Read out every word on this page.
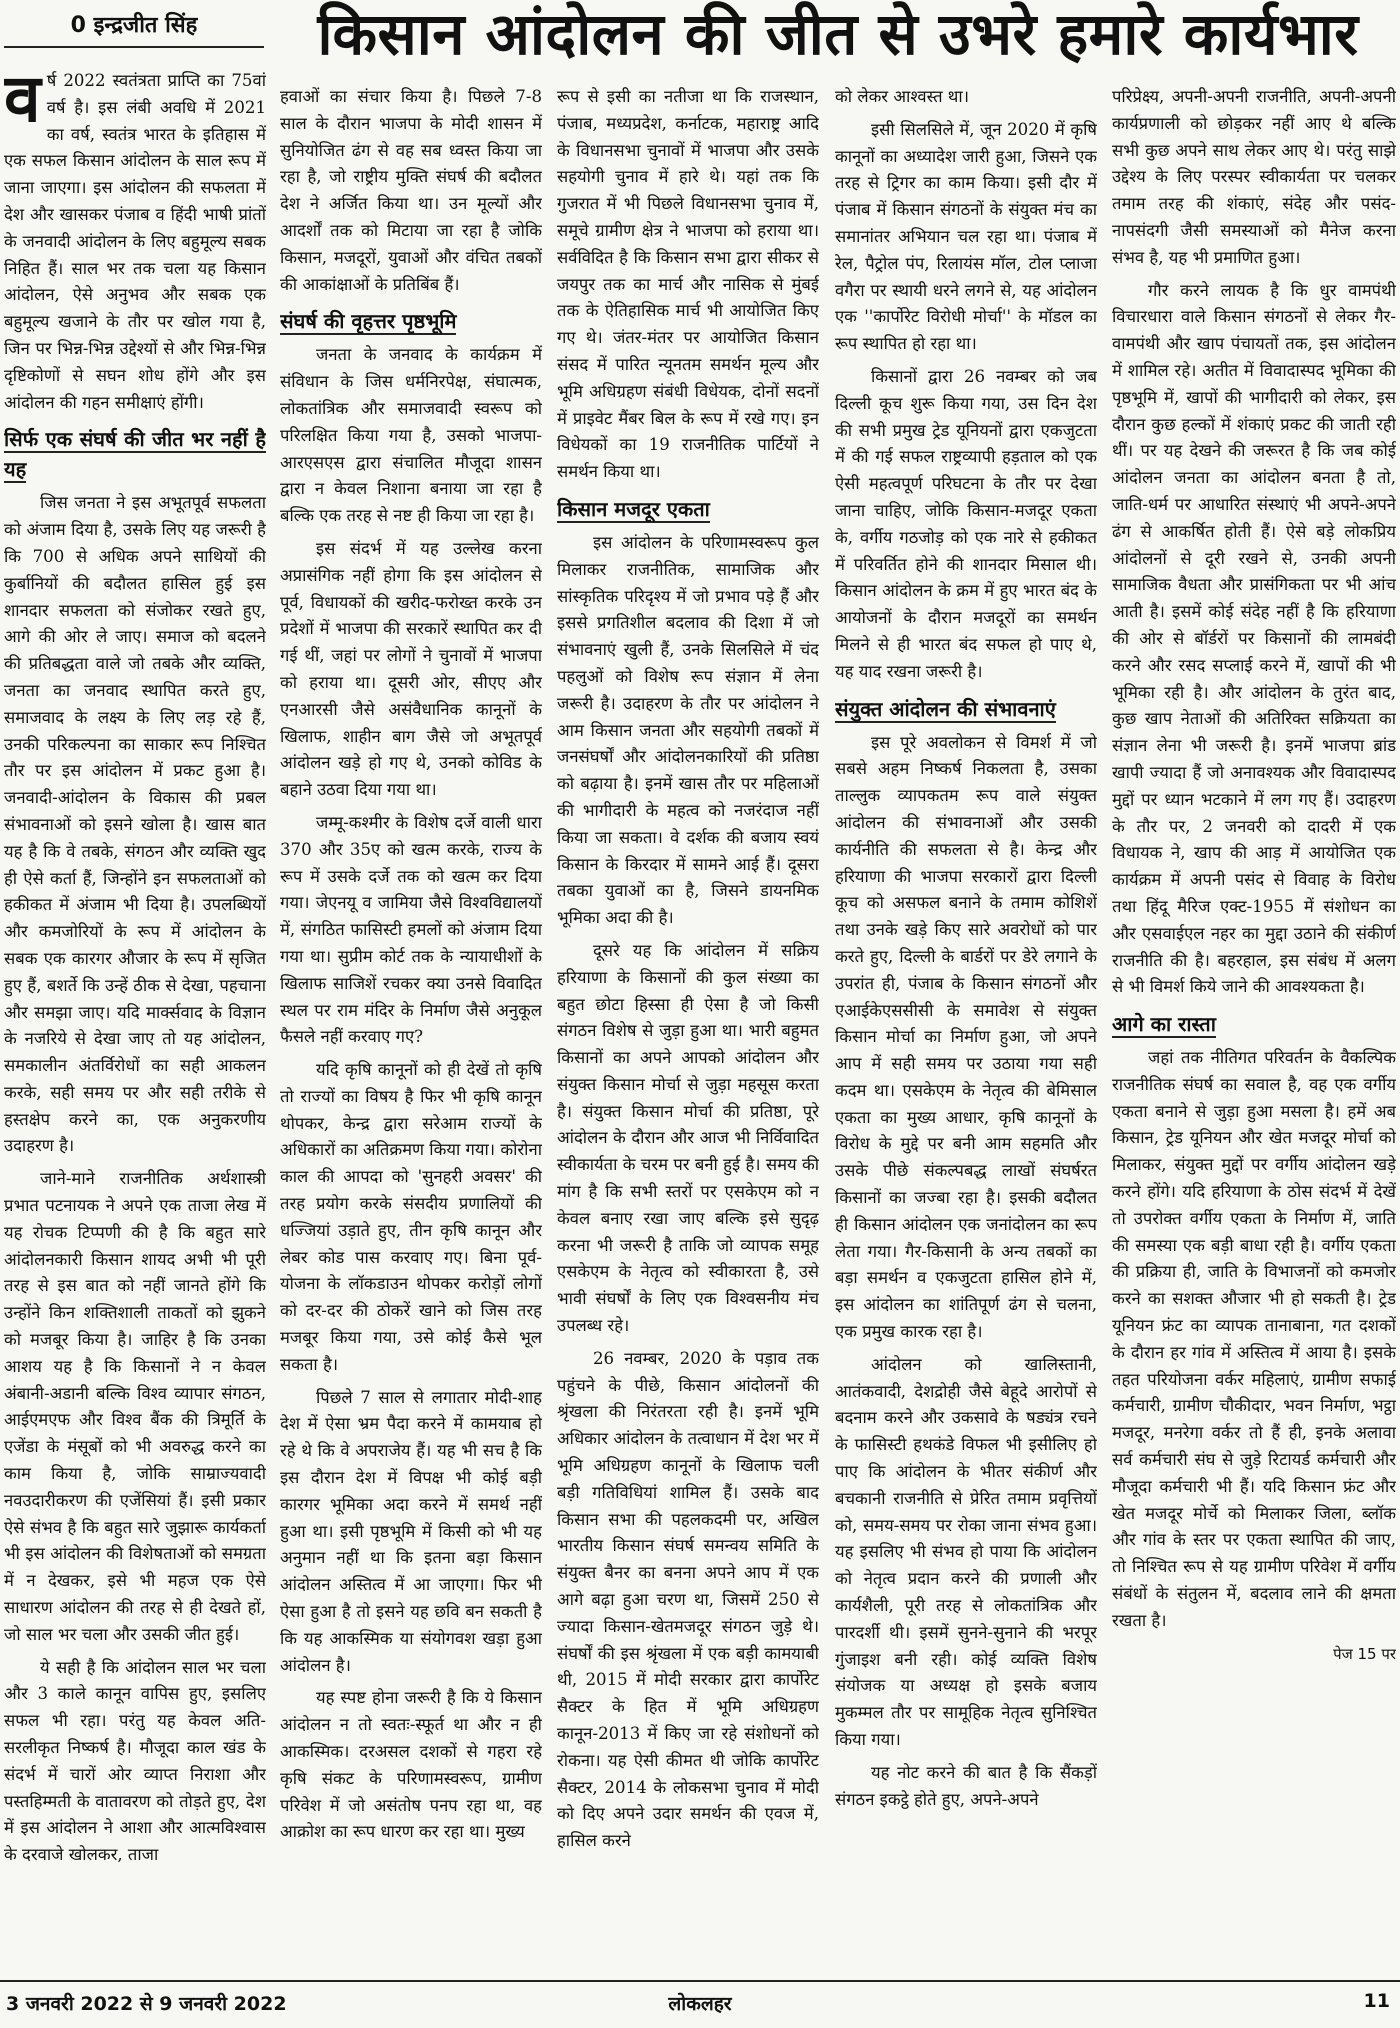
0 इन्द्रजीत सिंह	किसान आंदोलन की जीत से उभरे हमारे कार्यभार

वर्ष 2022 स्वतंत्रता प्राप्ति का 75वां वर्ष है। इस लंबी अवधि में 2021 का वर्ष, स्वतंत्र भारत के इतिहास में एक सफल किसान आंदोलन के साल रूप में जाना जाएगा। इस आंदोलन की सफलता में देश और खासकर पंजाब व हिंदी भाषी प्रांतों के जनवादी आंदोलन के लिए बहुमूल्य सबक निहित हैं। साल भर तक चला यह किसान आंदोलन, ऐसे अनुभव और सबक एक बहुमूल्य खजाने के तौर पर खोल गया है, जिन पर भिन्न-भिन्न उद्देश्यों से और भिन्न-भिन्न दृष्टिकोणों से सघन शोध होंगे और इस आंदोलन की गहन समीक्षाएं होंगी।

सिर्फ एक संघर्ष की जीत भर नहीं है यह

जिस जनता ने इस अभूतपूर्व सफलता को अंजाम दिया है, उसके लिए यह जरूरी है कि 700 से अधिक अपने साथियों की कुर्बानियों की बदौलत हासिल हुई इस शानदार सफलता को संजोकर रखते हुए, आगे की ओर ले जाए। समाज को बदलने की प्रतिबद्धता वाले जो तबके और व्यक्ति, जनता का जनवाद स्थापित करते हुए, समाजवाद के लक्ष्य के लिए लड़ रहे हैं, उनकी परिकल्पना का साकार रूप निश्चित तौर पर इस आंदोलन में प्रकट हुआ है। जनवादी-आंदोलन के विकास की प्रबल संभावनाओं को इसने खोला है। खास बात यह है कि वे तबके, संगठन और व्यक्ति खुद ही ऐसे कर्ता हैं, जिन्होंने इन सफलताओं को हकीकत में अंजाम भी दिया है। उपलब्धियों और कमजोरियों के रूप में आंदोलन के सबक एक कारगर औजार के रूप में सृजित हुए हैं, बशर्ते कि उन्हें ठीक से देखा, पहचाना और समझा जाए। यदि मार्क्सवाद के विज्ञान के नजरिये से देखा जाए तो यह आंदोलन, समकालीन अंतर्विरोधों का सही आकलन करके, सही समय पर और सही तरीके से हस्तक्षेप करने का, एक अनुकरणीय उदाहरण है।

जाने-माने राजनीतिक अर्थशास्त्री प्रभात पटनायक ने अपने एक ताजा लेख में यह रोचक टिप्पणी की है कि बहुत सारे आंदोलनकारी किसान शायद अभी भी पूरी तरह से इस बात को नहीं जानते होंगे कि उन्होंने किन शक्तिशाली ताकतों को झुकने को मजबूर किया है। जाहिर है कि उनका आशय यह है कि किसानों ने न केवल अंबानी-अडानी बल्कि विश्व व्यापार संगठन, आईएमएफ और विश्व बैंक की त्रिमूर्ति के एजेंडा के मंसूबों को भी अवरुद्ध करने का काम किया है, जोकि साम्राज्यवादी नवउदारीकरण की एजेंसियां हैं। इसी प्रकार ऐसे संभव है कि बहुत सारे जुझारू कार्यकर्ता भी इस आंदोलन की विशेषताओं को समग्रता में न देखकर, इसे भी महज एक ऐसे साधारण आंदोलन की तरह से ही देखते हों, जो साल भर चला और उसकी जीत हुई।

ये सही है कि आंदोलन साल भर चला और 3 काले कानून वापिस हुए, इसलिए सफल भी रहा। परंतु यह केवल अति-सरलीकृत निष्कर्ष है। मौजूदा काल खंड के संदर्भ में चारों ओर व्याप्त निराशा और पस्तहिम्मती के वातावरण को तोड़ते हुए, देश में इस आंदोलन ने आशा और आत्मविश्वास के दरवाजे खोलकर, ताजा

हवाओं का संचार किया है। पिछले 7-8 साल के दौरान भाजपा के मोदी शासन में सुनियोजित ढंग से वह सब ध्वस्त किया जा रहा है, जो राष्ट्रीय मुक्ति संघर्ष की बदौलत देश ने अर्जित किया था। उन मूल्यों और आदर्शों तक को मिटाया जा रहा है जोकि किसान, मजदूरों, युवाओं और वंचित तबकों की आकांक्षाओं के प्रतिबिंब हैं।

संघर्ष की वृहत्तर पृष्ठभूमि

जनता के जनवाद के कार्यक्रम में संविधान के जिस धर्मनिरपेक्ष, संघात्मक, लोकतांत्रिक और समाजवादी स्वरूप को परिलक्षित किया गया है, उसको भाजपा-आरएसएस द्वारा संचालित मौजूदा शासन द्वारा न केवल निशाना बनाया जा रहा है बल्कि एक तरह से नष्ट ही किया जा रहा है।

इस संदर्भ में यह उल्लेख करना अप्रासंगिक नहीं होगा कि इस आंदोलन से पूर्व, विधायकों की खरीद-फरोख्त करके उन प्रदेशों में भाजपा की सरकारें स्थापित कर दी गई थीं, जहां पर लोगों ने चुनावों में भाजपा को हराया था। दूसरी ओर, सीएए और एनआरसी जैसे असंवैधानिक कानूनों के खिलाफ, शाहीन बाग जैसे जो अभूतपूर्व आंदोलन खड़े हो गए थे, उनको कोविड के बहाने उठवा दिया गया था।

जम्मू-कश्मीर के विशेष दर्जे वाली धारा 370 और 35ए को खत्म करके, राज्य के रूप में उसके दर्जे तक को खत्म कर दिया गया। जेएनयू व जामिया जैसे विश्वविद्यालयों में, संगठित फासिस्टी हमलों को अंजाम दिया गया था। सुप्रीम कोर्ट तक के न्यायाधीशों के खिलाफ साजिशें रचकर क्या उनसे विवादित स्थल पर राम मंदिर के निर्माण जैसे अनुकूल फैसले नहीं करवाए गए?

यदि कृषि कानूनों को ही देखें तो कृषि तो राज्यों का विषय है फिर भी कृषि कानून थोपकर, केन्द्र द्वारा सरेआम राज्यों के अधिकारों का अतिक्रमण किया गया। कोरोना काल की आपदा को 'सुनहरी अवसर' की तरह प्रयोग करके संसदीय प्रणालियों की धज्जियां उड़ाते हुए, तीन कृषि कानून और लेबर कोड पास करवाए गए। बिना पूर्व-योजना के लॉकडाउन थोपकर करोड़ों लोगों को दर-दर की ठोकरें खाने को जिस तरह मजबूर किया गया, उसे कोई कैसे भूल सकता है।

पिछले 7 साल से लगातार मोदी-शाह देश में ऐसा भ्रम पैदा करने में कामयाब हो रहे थे कि वे अपराजेय हैं। यह भी सच है कि इस दौरान देश में विपक्ष भी कोई बड़ी कारगर भूमिका अदा करने में समर्थ नहीं हुआ था। इसी पृष्ठभूमि में किसी को भी यह अनुमान नहीं था कि इतना बड़ा किसान आंदोलन अस्तित्व में आ जाएगा। फिर भी ऐसा हुआ है तो इसने यह छवि बन सकती है कि यह आकस्मिक या संयोगवश खड़ा हुआ आंदोलन है।

यह स्पष्ट होना जरूरी है कि ये किसान आंदोलन न तो स्वतः-स्फूर्त था और न ही आकस्मिक। दरअसल दशकों से गहरा रहे कृषि संकट के परिणामस्वरूप, ग्रामीण परिवेश में जो असंतोष पनप रहा था, वह आक्रोश का रूप धारण कर रहा था। मुख्य

रूप से इसी का नतीजा था कि राजस्थान, पंजाब, मध्यप्रदेश, कर्नाटक, महाराष्ट्र आदि के विधानसभा चुनावों में भाजपा और उसके सहयोगी चुनाव में हारे थे। यहां तक कि गुजरात में भी पिछले विधानसभा चुनाव में, समूचे ग्रामीण क्षेत्र ने भाजपा को हराया था। सर्वविदित है कि किसान सभा द्वारा सीकर से जयपुर तक का मार्च और नासिक से मुंबई तक के ऐतिहासिक मार्च भी आयोजित किए गए थे। जंतर-मंतर पर आयोजित किसान संसद में पारित न्यूनतम समर्थन मूल्य और भूमि अधिग्रहण संबंधी विधेयक, दोनों सदनों में प्राइवेट मैंबर बिल के रूप में रखे गए। इन विधेयकों का 19 राजनीतिक पार्टियों ने समर्थन किया था।

किसान मजदूर एकता

इस आंदोलन के परिणामस्वरूप कुल मिलाकर राजनीतिक, सामाजिक और सांस्कृतिक परिदृश्य में जो प्रभाव पड़े हैं और इससे प्रगतिशील बदलाव की दिशा में जो संभावनाएं खुली हैं, उनके सिलसिले में चंद पहलुओं को विशेष रूप संज्ञान में लेना जरूरी है। उदाहरण के तौर पर आंदोलन ने आम किसान जनता और सहयोगी तबकों में जनसंघर्षों और आंदोलनकारियों की प्रतिष्ठा को बढ़ाया है। इनमें खास तौर पर महिलाओं की भागीदारी के महत्व को नजरंदाज नहीं किया जा सकता। वे दर्शक की बजाय स्वयं किसान के किरदार में सामने आई हैं। दूसरा तबका युवाओं का है, जिसने डायनमिक भूमिका अदा की है।

दूसरे यह कि आंदोलन में सक्रिय हरियाणा के किसानों की कुल संख्या का बहुत छोटा हिस्सा ही ऐसा है जो किसी संगठन विशेष से जुड़ा हुआ था। भारी बहुमत किसानों का अपने आपको आंदोलन और संयुक्त किसान मोर्चा से जुड़ा महसूस करता है। संयुक्त किसान मोर्चा की प्रतिष्ठा, पूरे आंदोलन के दौरान और आज भी निर्विवादित स्वीकार्यता के चरम पर बनी हुई है। समय की मांग है कि सभी स्तरों पर एसकेएम को न केवल बनाए रखा जाए बल्कि इसे सुदृढ़ करना भी जरूरी है ताकि जो व्यापक समूह एसकेएम के नेतृत्व को स्वीकारता है, उसे भावी संघर्षों के लिए एक विश्वसनीय मंच उपलब्ध रहे।

26 नवम्बर, 2020 के पड़ाव तक पहुंचने के पीछे, किसान आंदोलनों की श्रृंखला की निरंतरता रही है। इनमें भूमि अधिकार आंदोलन के तत्वाधान में देश भर में भूमि अधिग्रहण कानूनों के खिलाफ चली बड़ी गतिविधियां शामिल हैं। उसके बाद किसान सभा की पहलकदमी पर, अखिल भारतीय किसान संघर्ष समन्वय समिति के संयुक्त बैनर का बनना अपने आप में एक आगे बढ़ा हुआ चरण था, जिसमें 250 से ज्यादा किसान-खेतमजदूर संगठन जुड़े थे। संघर्षों की इस श्रृंखला में एक बड़ी कामयाबी थी, 2015 में मोदी सरकार द्वारा कार्पोरेट सैक्टर के हित में भूमि अधिग्रहण कानून-2013 में किए जा रहे संशोधनों को रोकना। यह ऐसी कीमत थी जोकि कार्पोरेट सैक्टर, 2014 के लोकसभा चुनाव में मोदी को दिए अपने उदार समर्थन की एवज में, हासिल करने

को लेकर आश्वस्त था।

इसी सिलसिले में, जून 2020 में कृषि कानूनों का अध्यादेश जारी हुआ, जिसने एक तरह से ट्रिगर का काम किया। इसी दौर में पंजाब में किसान संगठनों के संयुक्त मंच का समानांतर अभियान चल रहा था। पंजाब में रेल, पैट्रोल पंप, रिलायंस मॉल, टोल प्लाजा वगैरा पर स्थायी धरने लगने से, यह आंदोलन एक ''कार्पोरेट विरोधी मोर्चा'' के मॉडल का रूप स्थापित हो रहा था।

किसानों द्वारा 26 नवम्बर को जब दिल्ली कूच शुरू किया गया, उस दिन देश की सभी प्रमुख ट्रेड यूनियनों द्वारा एकजुटता में की गई सफल राष्ट्रव्यापी हड़ताल को एक ऐसी महत्वपूर्ण परिघटना के तौर पर देखा जाना चाहिए, जोकि किसान-मजदूर एकता के, वर्गीय गठजोड़ को एक नारे से हकीकत में परिवर्तित होने की शानदार मिसाल थी। किसान आंदोलन के क्रम में हुए भारत बंद के आयोजनों के दौरान मजदूरों का समर्थन मिलने से ही भारत बंद सफल हो पाए थे, यह याद रखना जरूरी है।

संयुक्त आंदोलन की संभावनाएं

इस पूरे अवलोकन से विमर्श में जो सबसे अहम निष्कर्ष निकलता है, उसका ताल्लुक व्यापकतम रूप वाले संयुक्त आंदोलन की संभावनाओं और उसकी कार्यनीति की सफलता से है। केन्द्र और हरियाणा की भाजपा सरकारों द्वारा दिल्ली कूच को असफल बनाने के तमाम कोशिशें तथा उनके खड़े किए सारे अवरोधों को पार करते हुए, दिल्ली के बार्डरों पर डेरे लगाने के उपरांत ही, पंजाब के किसान संगठनों और एआईकेएससीसी के समावेश से संयुक्त किसान मोर्चा का निर्माण हुआ, जो अपने आप में सही समय पर उठाया गया सही कदम था। एसकेएम के नेतृत्व की बेमिसाल एकता का मुख्य आधार, कृषि कानूनों के विरोध के मुद्दे पर बनी आम सहमति और उसके पीछे संकल्पबद्ध लाखों संघर्षरत किसानों का जज्बा रहा है। इसकी बदौलत ही किसान आंदोलन एक जनांदोलन का रूप लेता गया। गैर-किसानी के अन्य तबकों का बड़ा समर्थन व एकजुटता हासिल होने में, इस आंदोलन का शांतिपूर्ण ढंग से चलना, एक प्रमुख कारक रहा है।

आंदोलन को खालिस्तानी, आतंकवादी, देशद्रोही जैसे बेहूदे आरोपों से बदनाम करने और उकसावे के षड्यंत्र रचने के फासिस्टी हथकंडे विफल भी इसीलिए हो पाए कि आंदोलन के भीतर संकीर्ण और बचकानी राजनीति से प्रेरित तमाम प्रवृत्तियों को, समय-समय पर रोका जाना संभव हुआ। यह इसलिए भी संभव हो पाया कि आंदोलन को नेतृत्व प्रदान करने की प्रणाली और कार्यशैली, पूरी तरह से लोकतांत्रिक और पारदर्शी थी। इसमें सुनने-सुनाने की भरपूर गुंजाइश बनी रही। कोई व्यक्ति विशेष संयोजक या अध्यक्ष हो इसके बजाय मुकम्मल तौर पर सामूहिक नेतृत्व सुनिश्चित किया गया।

यह नोट करने की बात है कि सैंकड़ों संगठन इकट्ठे होते हुए, अपने-अपने

परिप्रेक्ष्य, अपनी-अपनी राजनीति, अपनी-अपनी कार्यप्रणाली को छोड़कर नहीं आए थे बल्कि सभी कुछ अपने साथ लेकर आए थे। परंतु साझे उद्देश्य के लिए परस्पर स्वीकार्यता पर चलकर तमाम तरह की शंकाएं, संदेह और पसंद-नापसंदगी जैसी समस्याओं को मैनेज करना संभव है, यह भी प्रमाणित हुआ।

गौर करने लायक है कि धुर वामपंथी विचारधारा वाले किसान संगठनों से लेकर गैर-वामपंथी और खाप पंचायतों तक, इस आंदोलन में शामिल रहे। अतीत में विवादास्पद भूमिका की पृष्ठभूमि में, खापों की भागीदारी को लेकर, इस दौरान कुछ हल्कों में शंकाएं प्रकट की जाती रही थीं। पर यह देखने की जरूरत है कि जब कोई आंदोलन जनता का आंदोलन बनता है तो, जाति-धर्म पर आधारित संस्थाएं भी अपने-अपने ढंग से आकर्षित होती हैं। ऐसे बड़े लोकप्रिय आंदोलनों से दूरी रखने से, उनकी अपनी सामाजिक वैधता और प्रासंगिकता पर भी आंच आती है। इसमें कोई संदेह नहीं है कि हरियाणा की ओर से बॉर्डरों पर किसानों की लामबंदी करने और रसद सप्लाई करने में, खापों की भी भूमिका रही है। और आंदोलन के तुरंत बाद, कुछ खाप नेताओं की अतिरिक्त सक्रियता का संज्ञान लेना भी जरूरी है। इनमें भाजपा ब्रांड खापी ज्यादा हैं जो अनावश्यक और विवादास्पद मुद्दों पर ध्यान भटकाने में लग गए हैं। उदाहरण के तौर पर, 2 जनवरी को दादरी में एक विधायक ने, खाप की आड़ में आयोजित एक कार्यक्रम में अपनी पसंद से विवाह के विरोध तथा हिंदू मैरिज एक्ट-1955 में संशोधन का और एसवाईएल नहर का मुद्दा उठाने की संकीर्ण राजनीति की है। बहरहाल, इस संबंध में अलग से भी विमर्श किये जाने की आवश्यकता है।

आगे का रास्ता

जहां तक नीतिगत परिवर्तन के वैकल्पिक राजनीतिक संघर्ष का सवाल है, वह एक वर्गीय एकता बनाने से जुड़ा हुआ मसला है। हमें अब किसान, ट्रेड यूनियन और खेत मजदूर मोर्चा को मिलाकर, संयुक्त मुद्दों पर वर्गीय आंदोलन खड़े करने होंगे। यदि हरियाणा के ठोस संदर्भ में देखें तो उपरोक्त वर्गीय एकता के निर्माण में, जाति की समस्या एक बड़ी बाधा रही है। वर्गीय एकता की प्रक्रिया ही, जाति के विभाजनों को कमजोर करने का सशक्त औजार भी हो सकती है। ट्रेड यूनियन फ्रंट का व्यापक तानाबाना, गत दशकों के दौरान हर गांव में अस्तित्व में आया है। इसके तहत परियोजना वर्कर महिलाएं, ग्रामीण सफाई कर्मचारी, ग्रामीण चौकीदार, भवन निर्माण, भट्ठा मजदूर, मनरेगा वर्कर तो हैं ही, इनके अलावा सर्व कर्मचारी संघ से जुड़े रिटायर्ड कर्मचारी और मौजूदा कर्मचारी भी हैं। यदि किसान फ्रंट और खेत मजदूर मोर्चे को मिलाकर जिला, ब्लॉक और गांव के स्तर पर एकता स्थापित की जाए, तो निश्चित रूप से यह ग्रामीण परिवेश में वर्गीय संबंधों के संतुलन में, बदलाव लाने की क्षमता रखता है।

पेज 15 पर
3 जनवरी 2022 से 9 जनवरी 2022	लोकलहर	11
